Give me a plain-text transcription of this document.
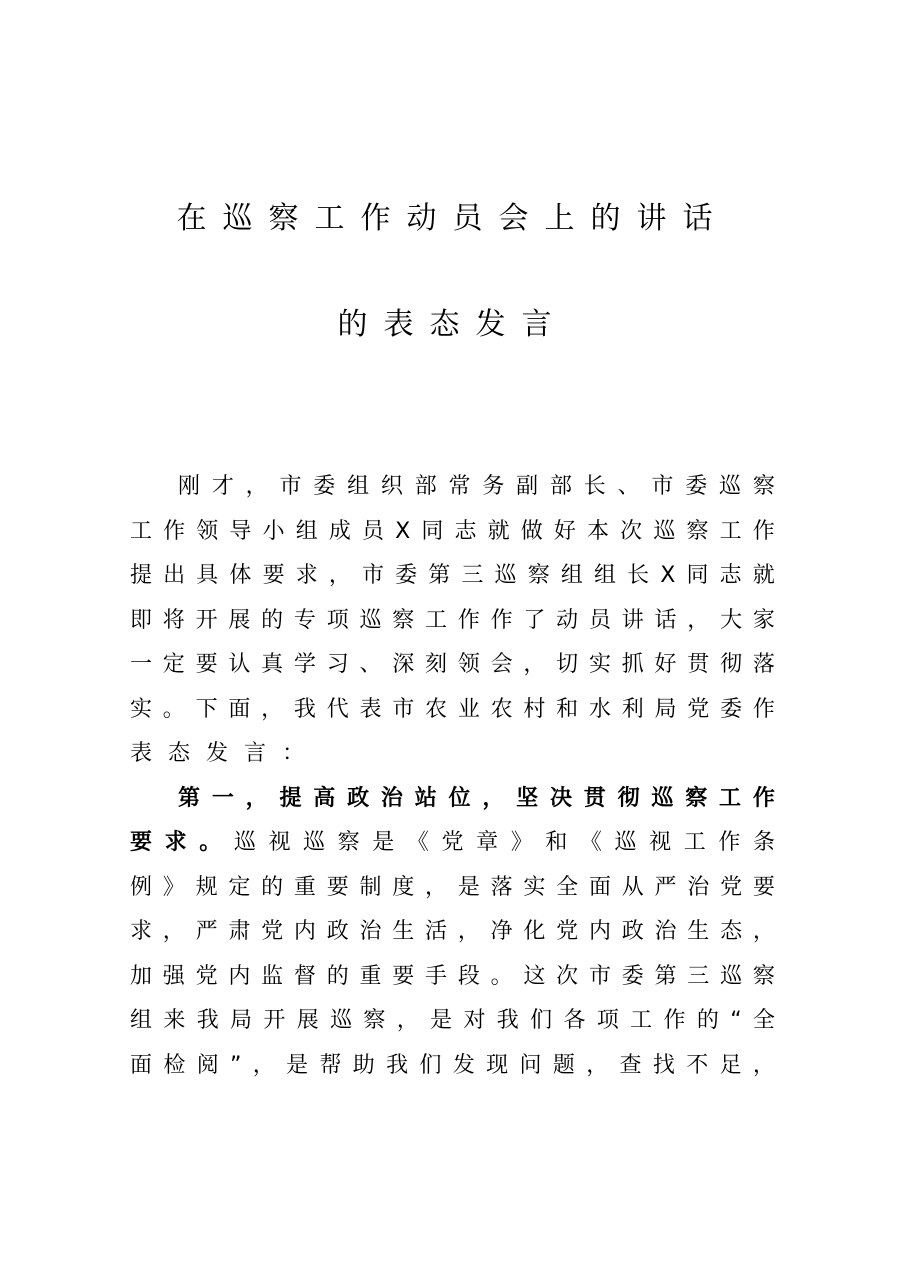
在巡察工作动员会上的讲话
的表态发言
刚 才 ， 市 委 组 织 部 常 务 副 部 长 、 市 委 巡 察
工 作 领 导 小 组 成 员 X 同 志 就 做 好 本 次 巡 察 工 作
提 出 具 体 要 求 ， 市 委 第 三 巡 察 组 组 长 X 同 志 就
即 将 开 展 的 专 项 巡 察 工 作 作 了 动 员 讲 话 ， 大 家
一 定 要 认 真 学 习 、 深 刻 领 会 ， 切 实 抓 好 贯 彻 落
实 。 下 面 ， 我 代 表 市 农 业 农 村 和 水 利 局 党 委 作
表 态 发 言 ：
第 一 ， 提 高 政 治 站 位 ， 坚 决 贯 彻 巡 察 工 作
要 求 。 巡 视 巡 察 是 《 党 章 》 和 《 巡 视 工 作 条
例 》 规 定 的 重 要 制 度 ， 是 落 实 全 面 从 严 治 党 要
求 ， 严 肃 党 内 政 治 生 活 ， 净 化 党 内 政 治 生 态 ，
加 强 党 内 监 督 的 重 要 手 段 。 这 次 市 委 第 三 巡 察
组 来 我 局 开 展 巡 察 ， 是 对 我 们 各 项 工 作 的 “ 全
面 检 阅 ” ， 是 帮 助 我 们 发 现 问 题 ， 查 找 不 足 ，
